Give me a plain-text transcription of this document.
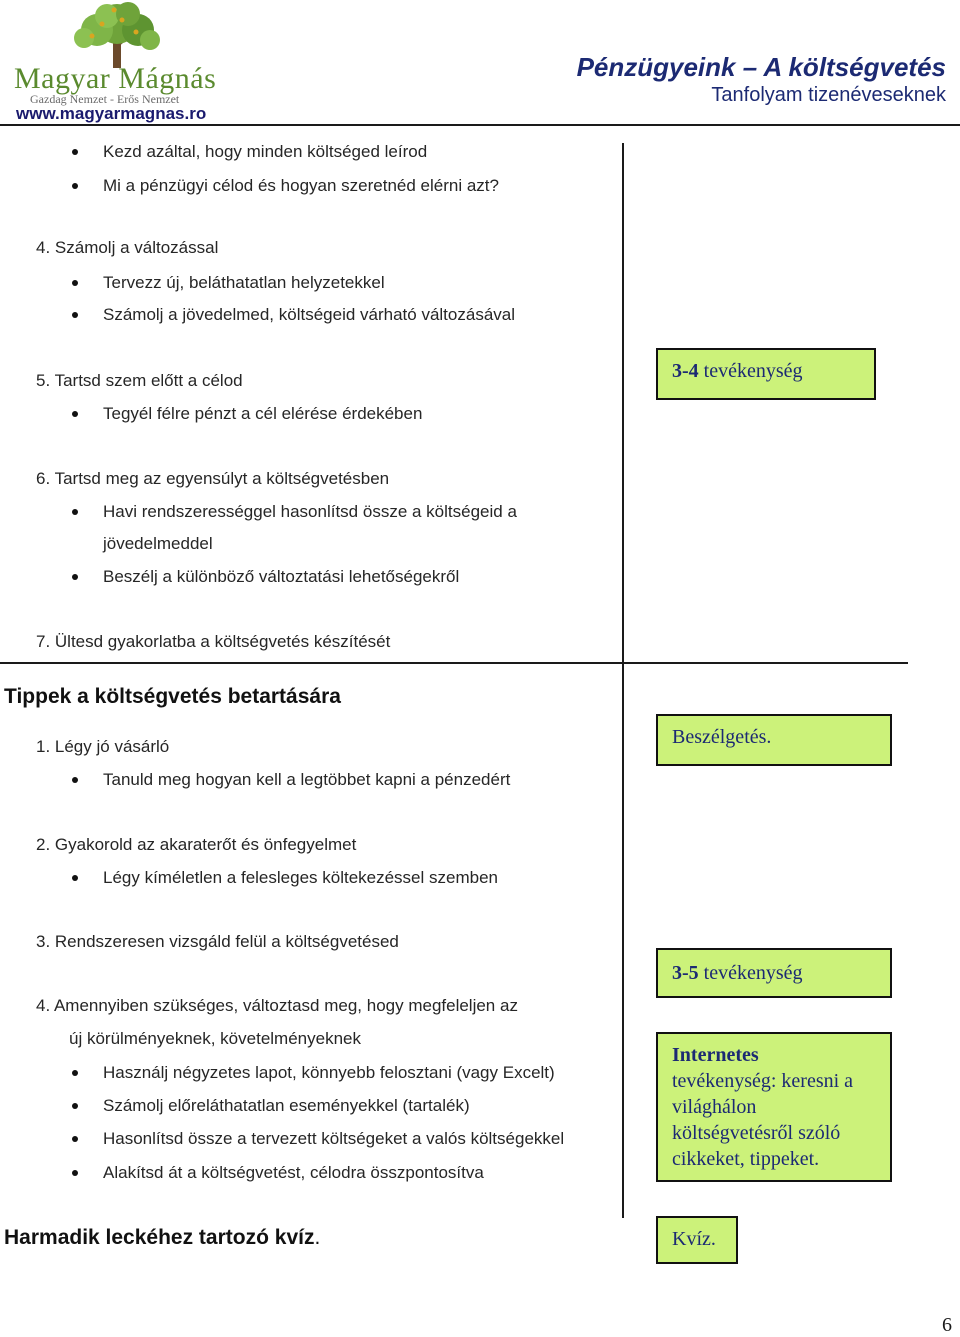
Magyar Mágnás
Gazdag Nemzet - Erős Nemzet
www.magyarmagnas.ro
Pénzügyeink – A költségvetés
Tanfolyam tizenéveseknek
Kezd azáltal, hogy minden költséged leírod
Mi a pénzügyi célod és hogyan szeretnéd elérni azt?
4. Számolj a változással
Tervezz új, beláthatatlan helyzetekkel
Számolj a jövedelmed, költségeid várható változásával
5. Tartsd szem előtt a célod
Tegyél félre pénzt a cél elérése érdekében
6. Tartsd meg az egyensúlyt a költségvetésben
Havi rendszerességgel hasonlítsd össze a költségeid a
jövedelmeddel
Beszélj a különböző változtatási lehetőségekről
7. Ültesd gyakorlatba a költségvetés készítését
Tippek a költségvetés betartására
1. Légy jó vásárló
Tanuld meg hogyan kell a legtöbbet kapni a pénzedért
2. Gyakorold az akaraterőt és önfegyelmet
Légy kíméletlen a felesleges költekezéssel szemben
3. Rendszeresen vizsgáld felül a költségvetésed
4. Amennyiben szükséges, változtasd meg, hogy megfeleljen az
új körülményeknek, követelményeknek
Használj négyzetes lapot, könnyebb felosztani (vagy Excelt)
Számolj előreláthatatlan eseményekkel (tartalék)
Hasonlítsd össze a tervezett költségeket a valós költségekkel
Alakítsd át a költségvetést, célodra összpontosítva
Harmadik leckéhez tartozó kvíz.
3-4 tevékenység
Beszélgetés.
3-5 tevékenység
Internetes
tevékenység: keresni a
világhálon
költségvetésről szóló
cikkeket, tippeket.
Kvíz.
6
